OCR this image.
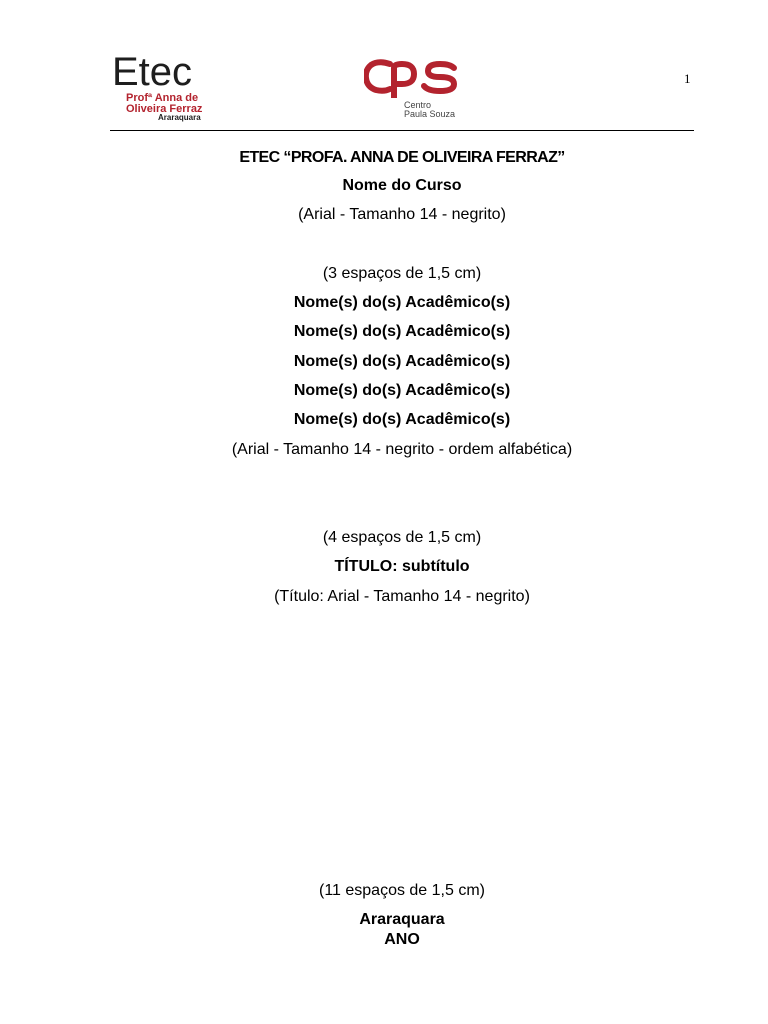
Etec
Profª Anna de
Oliveira Ferraz
Araraquara
Centro
Paula Souza
1
ETEC “PROFA. ANNA DE OLIVEIRA FERRAZ”
Nome do Curso
(Arial - Tamanho 14 - negrito)
(3 espaços de 1,5 cm)
Nome(s) do(s) Acadêmico(s)
Nome(s) do(s) Acadêmico(s)
Nome(s) do(s) Acadêmico(s)
Nome(s) do(s) Acadêmico(s)
Nome(s) do(s) Acadêmico(s)
(Arial - Tamanho 14 - negrito - ordem alfabética)
(4 espaços de 1,5 cm)
TÍTULO: subtítulo
(Título: Arial - Tamanho 14 - negrito)
(11 espaços de 1,5 cm)
Araraquara
ANO
